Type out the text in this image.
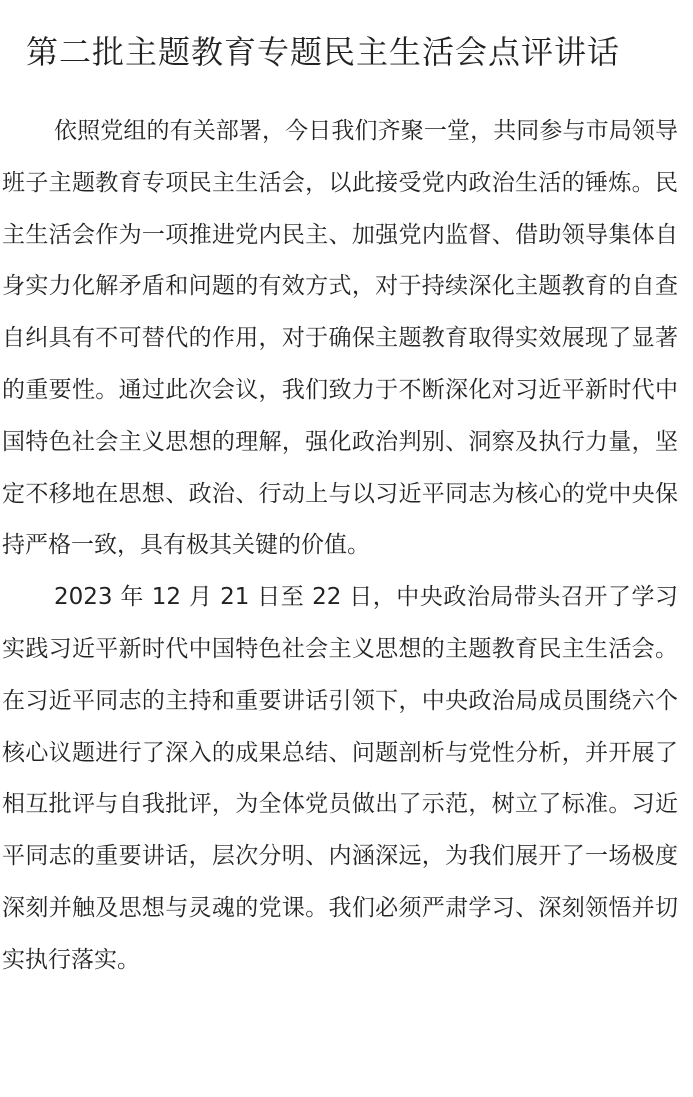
第二批主题教育专题民主生活会点评讲话

依照党组的有关部署，今日我们齐聚一堂，共同参与市局领导班子主题教育专项民主生活会，以此接受党内政治生活的锤炼。民主生活会作为一项推进党内民主、加强党内监督、借助领导集体自身实力化解矛盾和问题的有效方式，对于持续深化主题教育的自查自纠具有不可替代的作用，对于确保主题教育取得实效展现了显著的重要性。通过此次会议，我们致力于不断深化对习近平新时代中国特色社会主义思想的理解，强化政治判别、洞察及执行力量，坚定不移地在思想、政治、行动上与以习近平同志为核心的党中央保持严格一致，具有极其关键的价值。

2023 年 12 月 21 日至 22 日，中央政治局带头召开了学习实践习近平新时代中国特色社会主义思想的主题教育民主生活会。在习近平同志的主持和重要讲话引领下，中央政治局成员围绕六个核心议题进行了深入的成果总结、问题剖析与党性分析，并开展了相互批评与自我批评，为全体党员做出了示范，树立了标准。习近平同志的重要讲话，层次分明、内涵深远，为我们展开了一场极度深刻并触及思想与灵魂的党课。我们必须严肃学习、深刻领悟并切实执行落实。
